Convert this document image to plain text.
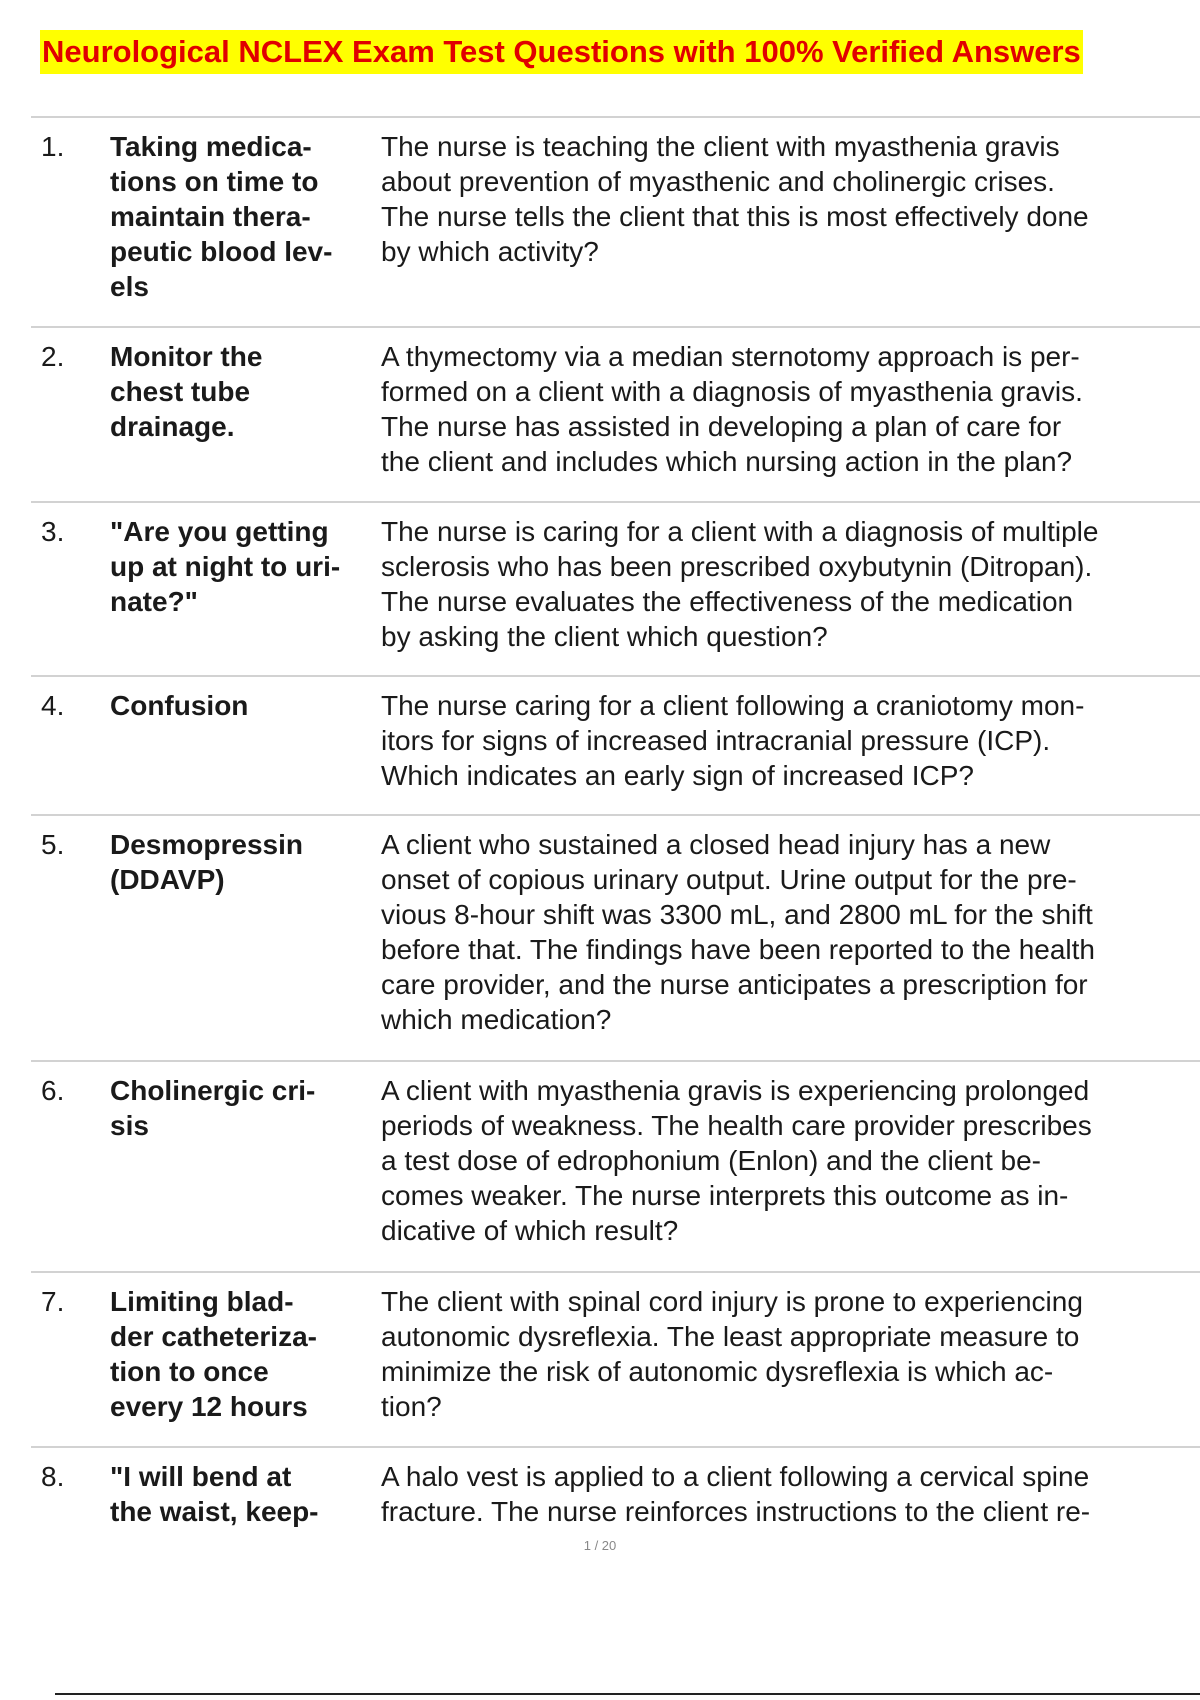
Neurological NCLEX Exam Test Questions with 100% Verified Answers
1. Taking medica-
tions on time to
maintain thera-
peutic blood lev-
els
The nurse is teaching the client with myasthenia gravis
about prevention of myasthenic and cholinergic crises.
The nurse tells the client that this is most effectively done
by which activity?
2. Monitor the
chest tube
drainage.
A thymectomy via a median sternotomy approach is per-
formed on a client with a diagnosis of myasthenia gravis.
The nurse has assisted in developing a plan of care for
the client and includes which nursing action in the plan?
3. "Are you getting
up at night to uri-
nate?"
The nurse is caring for a client with a diagnosis of multiple
sclerosis who has been prescribed oxybutynin (Ditropan).
The nurse evaluates the effectiveness of the medication
by asking the client which question?
4. Confusion	The nurse caring for a client following a craniotomy mon-
itors for signs of increased intracranial pressure (ICP).
Which indicates an early sign of increased ICP?
5. Desmopressin
(DDAVP)
A client who sustained a closed head injury has a new
onset of copious urinary output. Urine output for the pre-
vious 8-hour shift was 3300 mL, and 2800 mL for the shift
before that. The findings have been reported to the health
care provider, and the nurse anticipates a prescription for
which medication?
6. Cholinergic cri-
sis
A client with myasthenia gravis is experiencing prolonged
periods of weakness. The health care provider prescribes
a test dose of edrophonium (Enlon) and the client be-
comes weaker. The nurse interprets this outcome as in-
dicative of which result?
7. Limiting blad-
der catheteriza-
tion to once
every 12 hours
The client with spinal cord injury is prone to experiencing
autonomic dysreflexia. The least appropriate measure to
minimize the risk of autonomic dysreflexia is which ac-
tion?
8. "I will bend at
the waist, keep-
A halo vest is applied to a client following a cervical spine
fracture. The nurse reinforces instructions to the client re-
1 / 20
